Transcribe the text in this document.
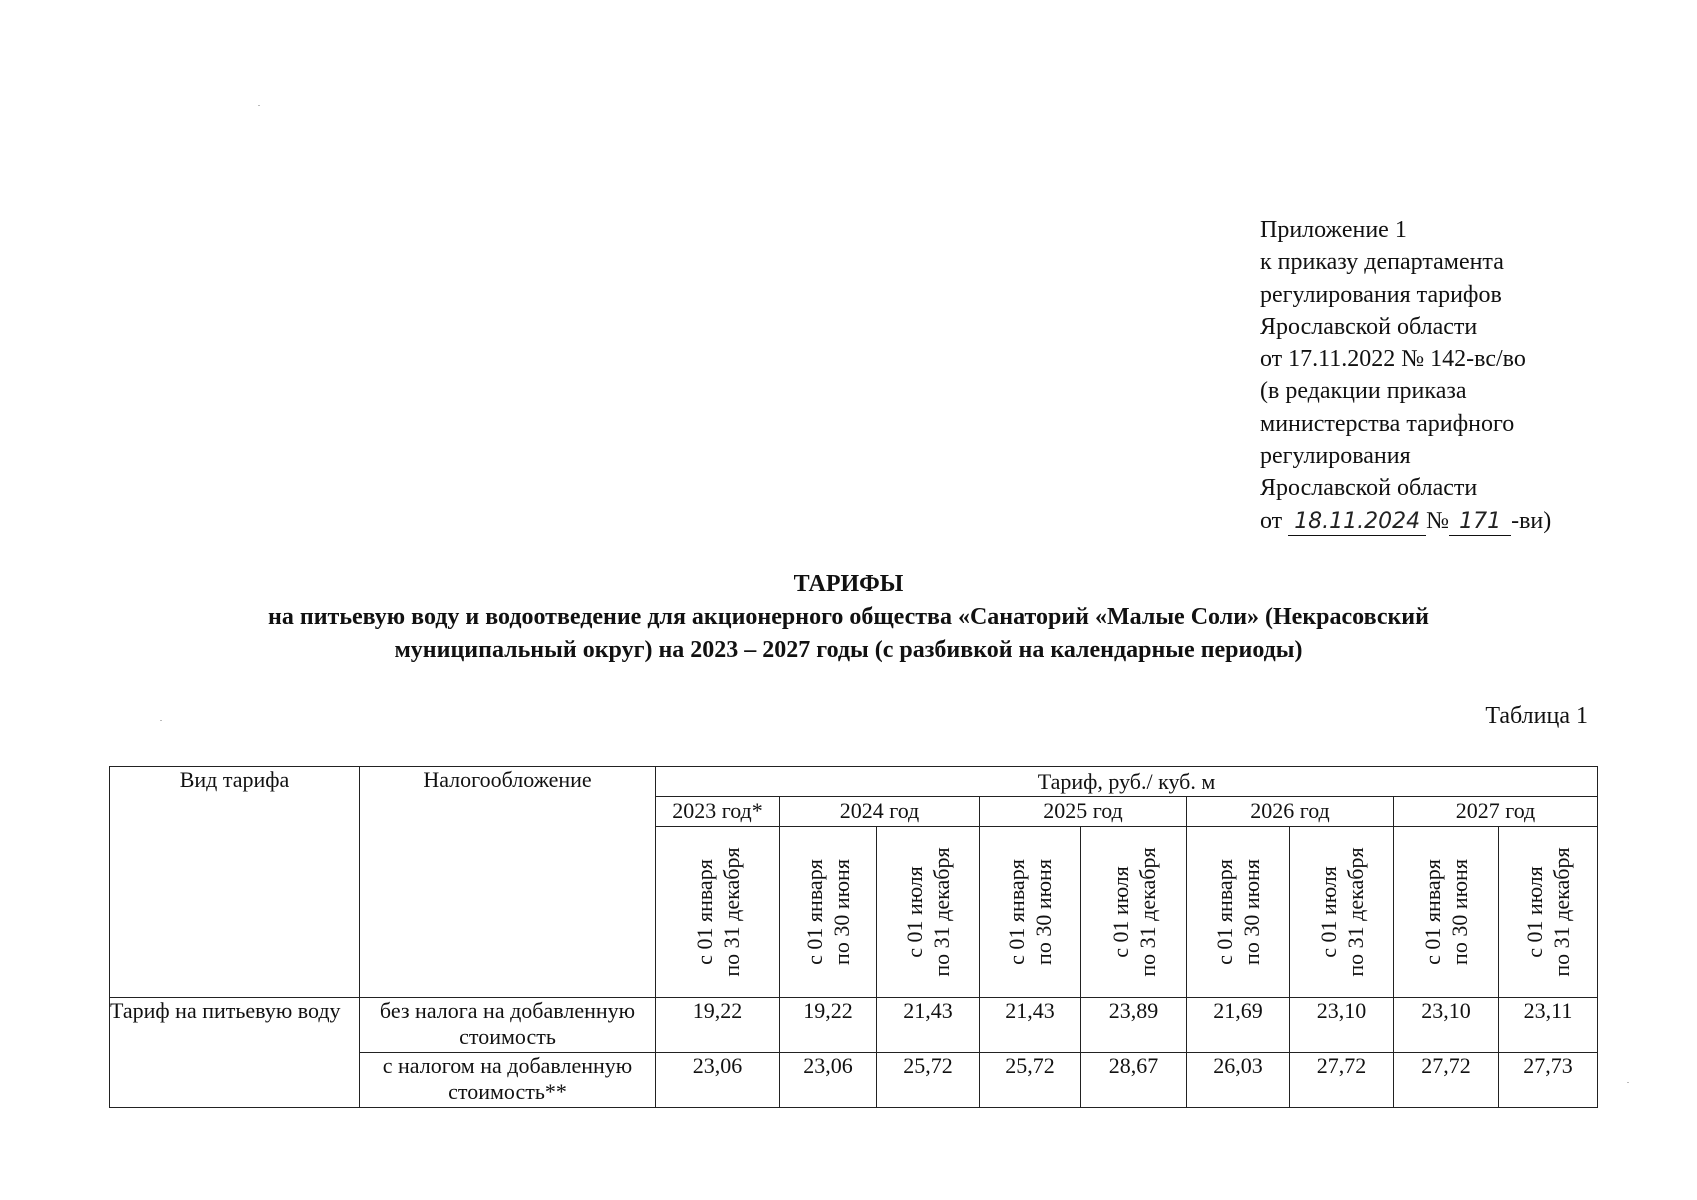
Приложение 1
к приказу департамента
регулирования тарифов
Ярославской области
от 17.11.2022 № 142-вс/во
(в редакции приказа
министерства тарифного
регулирования
Ярославской области
от 18.11.2024 № 171 -ви)
ТАРИФЫ
на питьевую воду и водоотведение для акционерного общества «Санаторий «Малые Соли» (Некрасовский
муниципальный округ) на 2023 – 2027 годы (с разбивкой на календарные периоды)
Таблица 1
Вид тарифа	Налогообложение	Тариф, руб./ куб. м								
		2023 год*	2024 год		2025 год		2026 год		2027 год	

		с 01 января по 31 декабря	с 01 января по 30 июня	с 01 июля по 31 декабря	с 01 января по 30 июня	с 01 июля по 31 декабря	с 01 января по 30 июня	с 01 июля по 31 декабря	с 01 января по 30 июня	с 01 июля по 31 декабря

Тариф на питьевую воду	без налога на добавленную стоимость	19,22	19,22	21,43	21,43	23,89	21,69	23,10	23,10	23,11
	с налогом на добавленную стоимость**	23,06	23,06	25,72	25,72	28,67	26,03	27,72	27,72	27,73
